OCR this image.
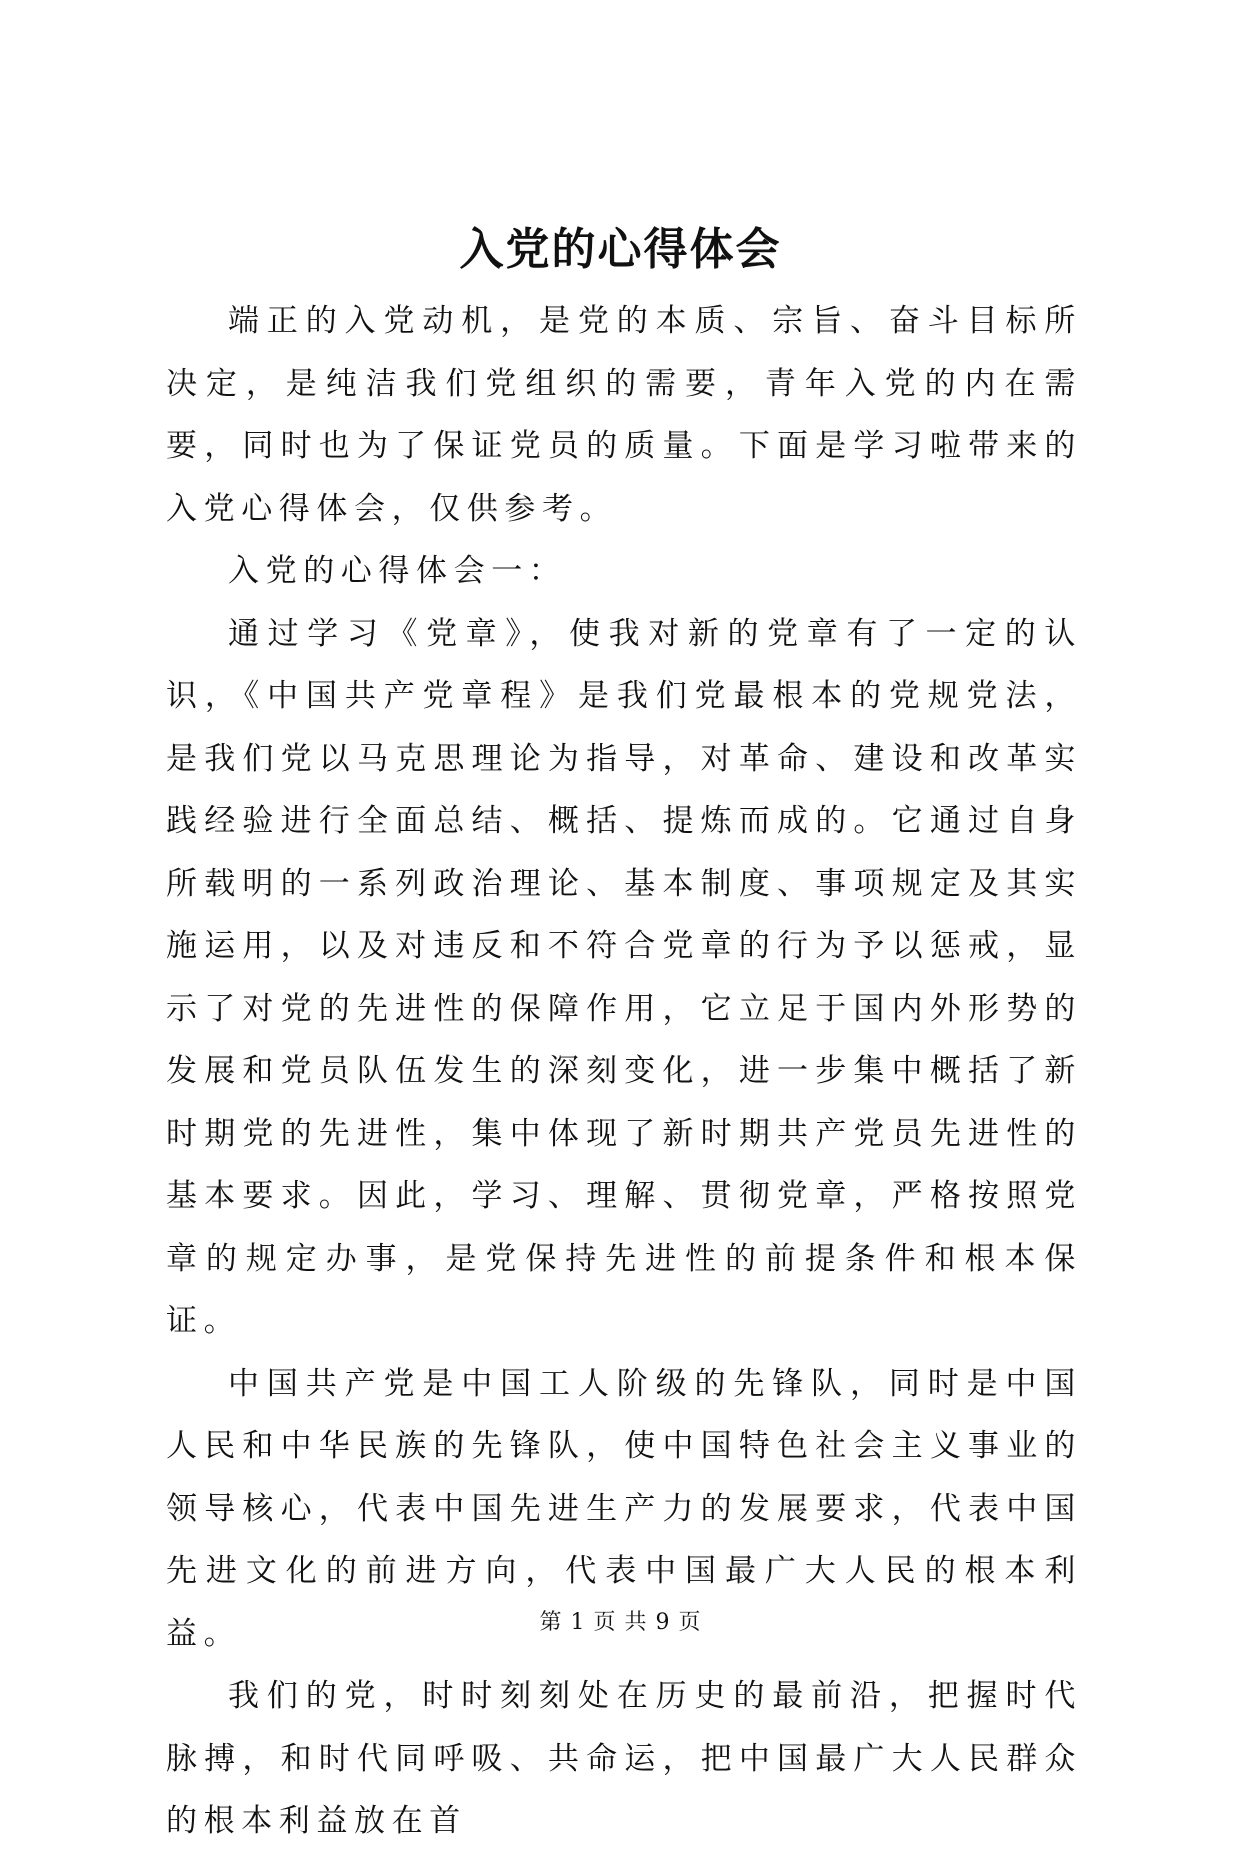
入党的心得体会

端正的入党动机，是党的本质、宗旨、奋斗目标所决定，是纯洁我们党组织的需要，青年入党的内在需要，同时也为了保证党员的质量。下面是学习啦带来的入党心得体会，仅供参考。

入党的心得体会一：

通过学习《党章》，使我对新的党章有了一定的认识，《中国共产党章程》是我们党最根本的党规党法，是我们党以马克思理论为指导，对革命、建设和改革实践经验进行全面总结、概括、提炼而成的。它通过自身所载明的一系列政治理论、基本制度、事项规定及其实施运用，以及对违反和不符合党章的行为予以惩戒，显示了对党的先进性的保障作用，它立足于国内外形势的发展和党员队伍发生的深刻变化，进一步集中概括了新时期党的先进性，集中体现了新时期共产党员先进性的基本要求。因此，学习、理解、贯彻党章，严格按照党章的规定办事，是党保持先进性的前提条件和根本保证。

中国共产党是中国工人阶级的先锋队，同时是中国人民和中华民族的先锋队，使中国特色社会主义事业的领导核心，代表中国先进生产力的发展要求，代表中国先进文化的前进方向，代表中国最广大人民的根本利益。

我们的党，时时刻刻处在历史的最前沿，把握时代脉搏，和时代同呼吸、共命运，把中国最广大人民群众的根本利益放在首

第 1 页 共 9 页
